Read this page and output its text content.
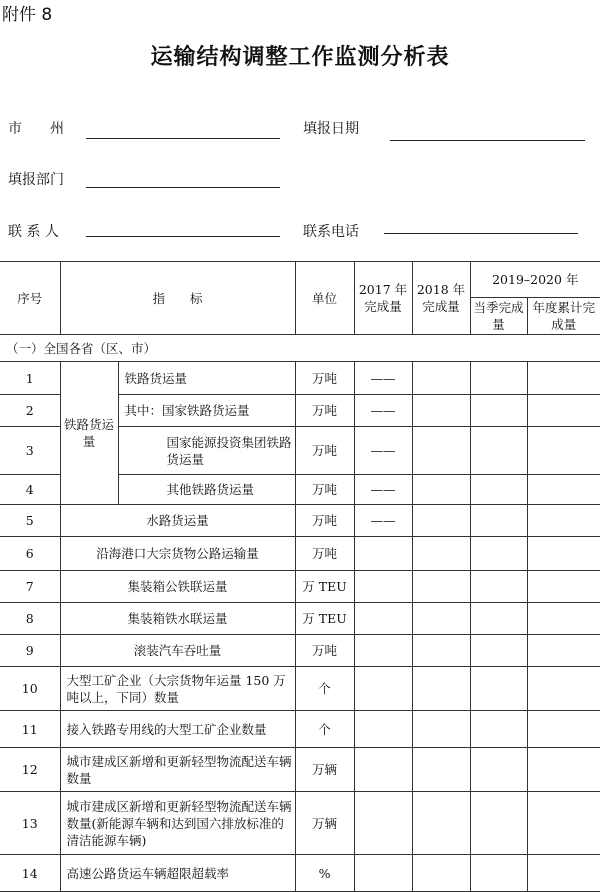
附件 8
运输结构调整工作监测分析表
市　　州	填报日期
填报部门
联 系 人	联系电话
序号	指　　标		单位	2017 年完成量	2018 年完成量	2019–2020 年	
						当季完成量	年度累计完成量
（一）全国各省（区、市）							
1	铁路货运量	铁路货运量	万吨	——			
2		其中：国家铁路货运量	万吨	——			
3		国家能源投资集团铁路货运量	万吨	——			
4		其他铁路货运量	万吨	——			
5	水路货运量		万吨	——			
6	沿海港口大宗货物公路运输量		万吨				
7	集装箱公铁联运量		万 TEU				
8	集装箱铁水联运量		万 TEU				
9	滚装汽车吞吐量		万吨				
10	大型工矿企业（大宗货物年运量 150 万吨以上，下同）数量		个				
11	接入铁路专用线的大型工矿企业数量		个				
12	城市建成区新增和更新轻型物流配送车辆数量		万辆				
13	城市建成区新增和更新轻型物流配送车辆数量(新能源车辆和达到国六排放标准的清洁能源车辆)		万辆				
14	高速公路货运车辆超限超载率		%				
